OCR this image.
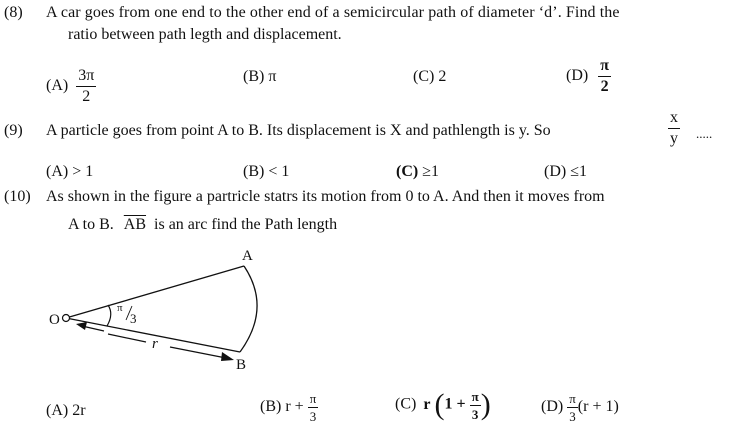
(8) A car goes from one end to the other end of a semicircular path of diameter ‘d’. Find the
ratio between path legth and displacement.
$(A) \frac{3\pi}{2}$	(B) π	(C) 2	$(D) \frac{\pi}{2}$
(9) A particle goes from point A to B. Its displacement is X and pathlength is y. So	$\frac{x}{y}$ .....
(A) > 1	(B) < 1	(C) ≥1	(D) ≤1
(10) As shown in the figure a partricle statrs its motion from 0 to A. And then it moves from
A to B. $\overline{AB}$ is an arc find the Path length
A
B
O
π
3
r
(A) 2r	(B) $r + \frac{\pi}{3}$	(C) r ($1 + \frac{\pi}{3}$ )	$(D) \frac{\pi}{3} (r + 1)$
